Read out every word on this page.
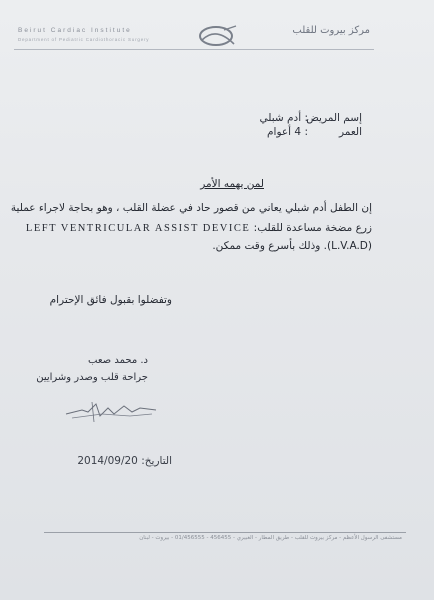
Beirut Cardiac Institute
Department of Pediatric Cardiothoracic Surgery
مركز بيروت للقلب
إسم المريض
: أدم شبلي
العمر
: 4 أعوام
لمن يهمه الأمر
إن الطفل أدم شبلي يعاني من قصور حاد في عضلة القلب ، وهو بحاجة لاجراء عملية
زرع مضخة مساعدة للقلب: LEFT VENTRICULAR ASSIST DEVICE
(L.V.A.D). وذلك بأسرع وقت ممكن.
وتفضلوا بقبول فائق الإحترام
د. محمد صعب
جراحة قلب وصدر وشرايين
التاريخ: 2014/09/20
مستشفى الرسول الأعظم - مركز بيروت للقلب - طريق المطار - الغبيري - 456455 - 01/456555 - بيروت - لبنان
